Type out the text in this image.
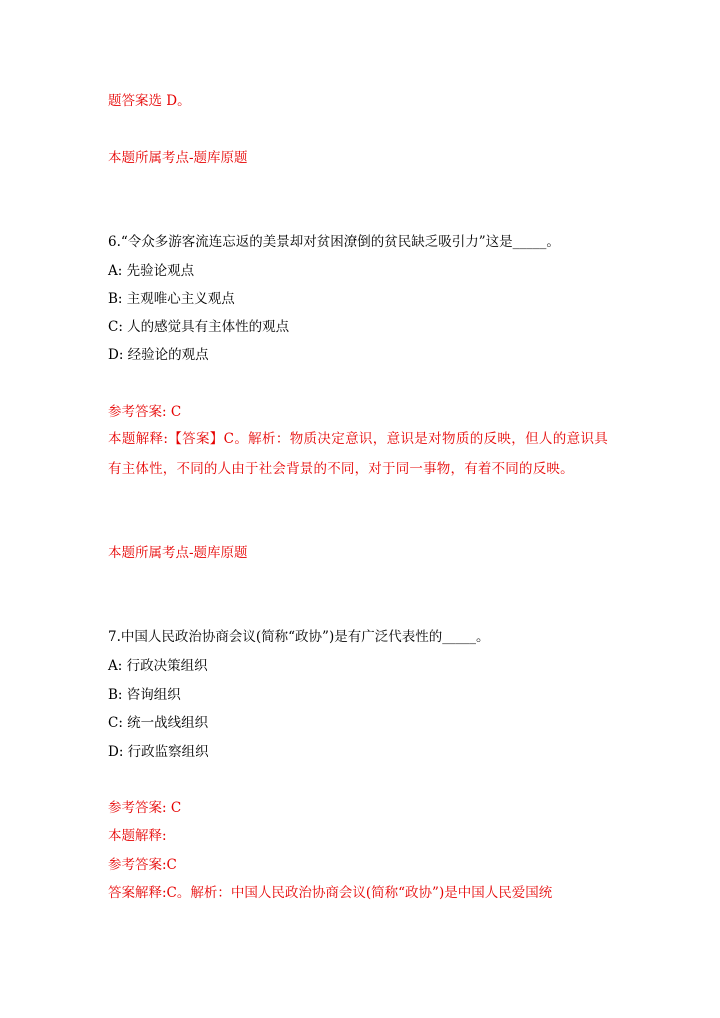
题答案选 D。
本题所属考点-题库原题
6.“令众多游客流连忘返的美景却对贫困潦倒的贫民缺乏吸引力”这是_____。
A: 先验论观点
B: 主观唯心主义观点
C: 人的感觉具有主体性的观点
D: 经验论的观点
参考答案: C
本题解释:【答案】C。解析：物质决定意识，意识是对物质的反映，但人的意识具有主体性，不同的人由于社会背景的不同，对于同一事物，有着不同的反映。
本题所属考点-题库原题
7.中国人民政治协商会议(简称“政协”)是有广泛代表性的_____。
A: 行政决策组织
B: 咨询组织
C: 统一战线组织
D: 行政监察组织
参考答案: C
本题解释:
参考答案:C
答案解释:C。解析：中国人民政治协商会议(简称“政协”)是中国人民爱国统
